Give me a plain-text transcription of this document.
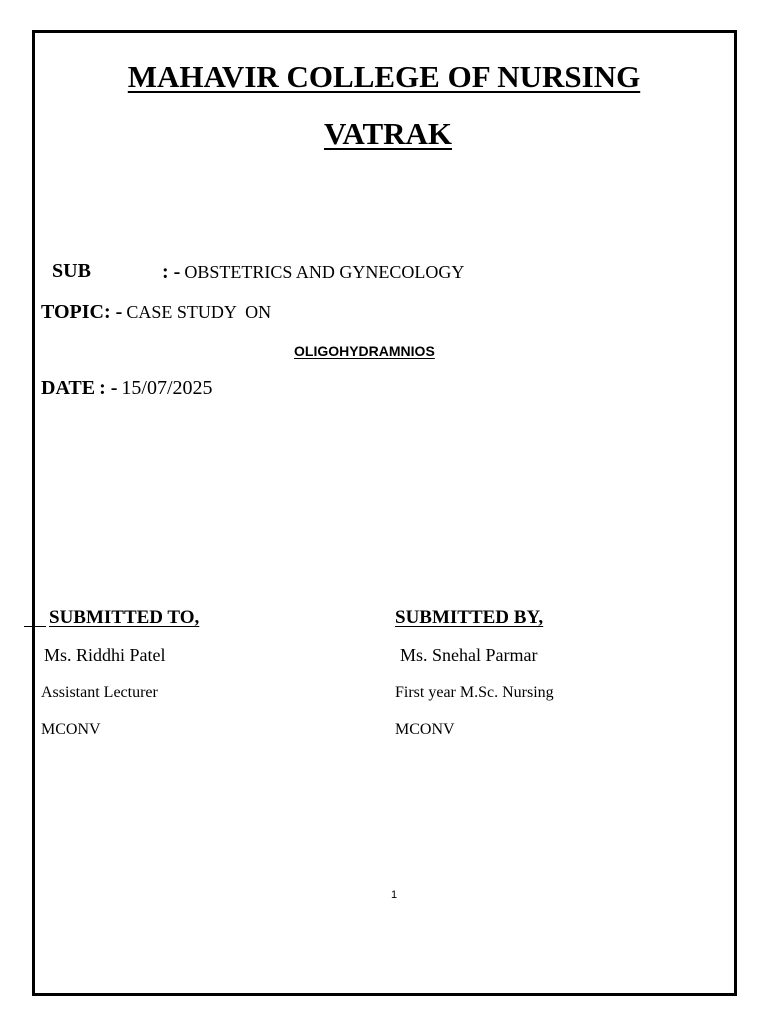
MAHAVIR COLLEGE OF NURSING
VATRAK
SUB	: - OBSTETRICS AND GYNECOLOGY
TOPIC: - CASE STUDY  ON
OLIGOHYDRAMNIOS
DATE : - 15/07/2025
SUBMITTED TO,
Ms. Riddhi Patel
Assistant Lecturer
MCONV
SUBMITTED BY,
Ms. Snehal Parmar
First year M.Sc. Nursing
MCONV
1
